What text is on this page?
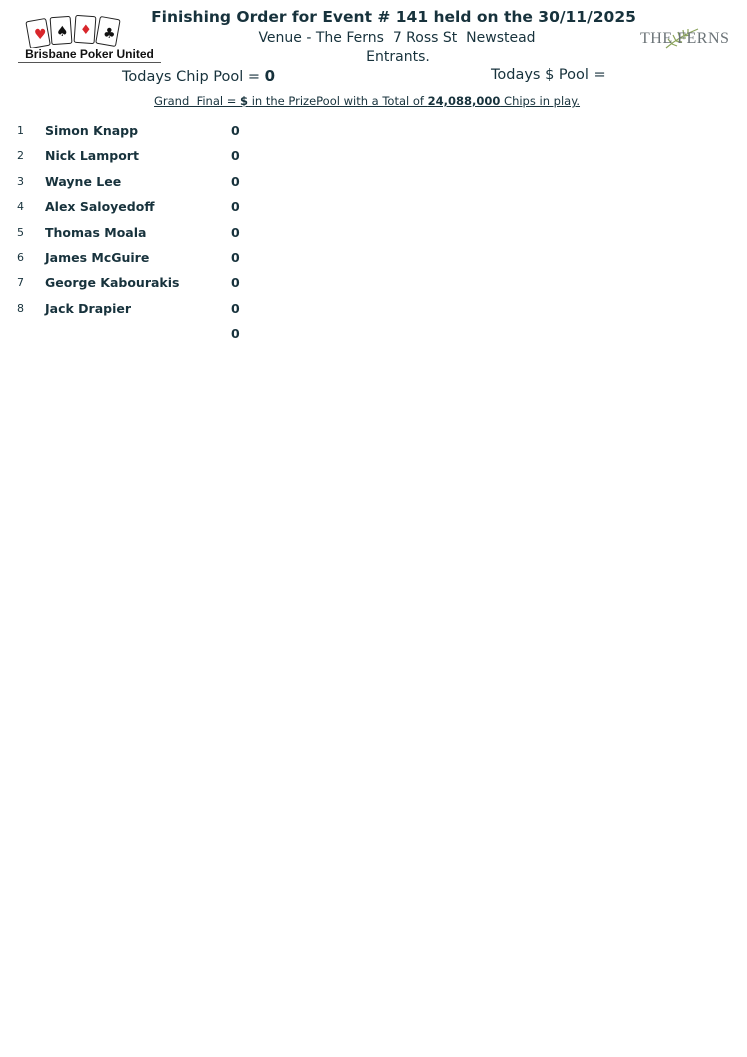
♥ ♠ ♦ ♣
Brisbane Poker United
THE FERNS
Finishing Order for Event # 141 held on the 30/11/2025
Venue - The Ferns  7 Ross St  Newstead
Entrants.
Todays Chip Pool = 0	Todays $ Pool =
Grand  Final = $ in the PrizePool with a Total of 24,088,000 Chips in play.
1 Simon Knapp	0
2 Nick Lamport	0
3 Wayne Lee	0
4 Alex Saloyedoff	0
5 Thomas Moala	0
6 James McGuire	0
7 George Kabourakis	0
8 Jack Drapier	0
0
